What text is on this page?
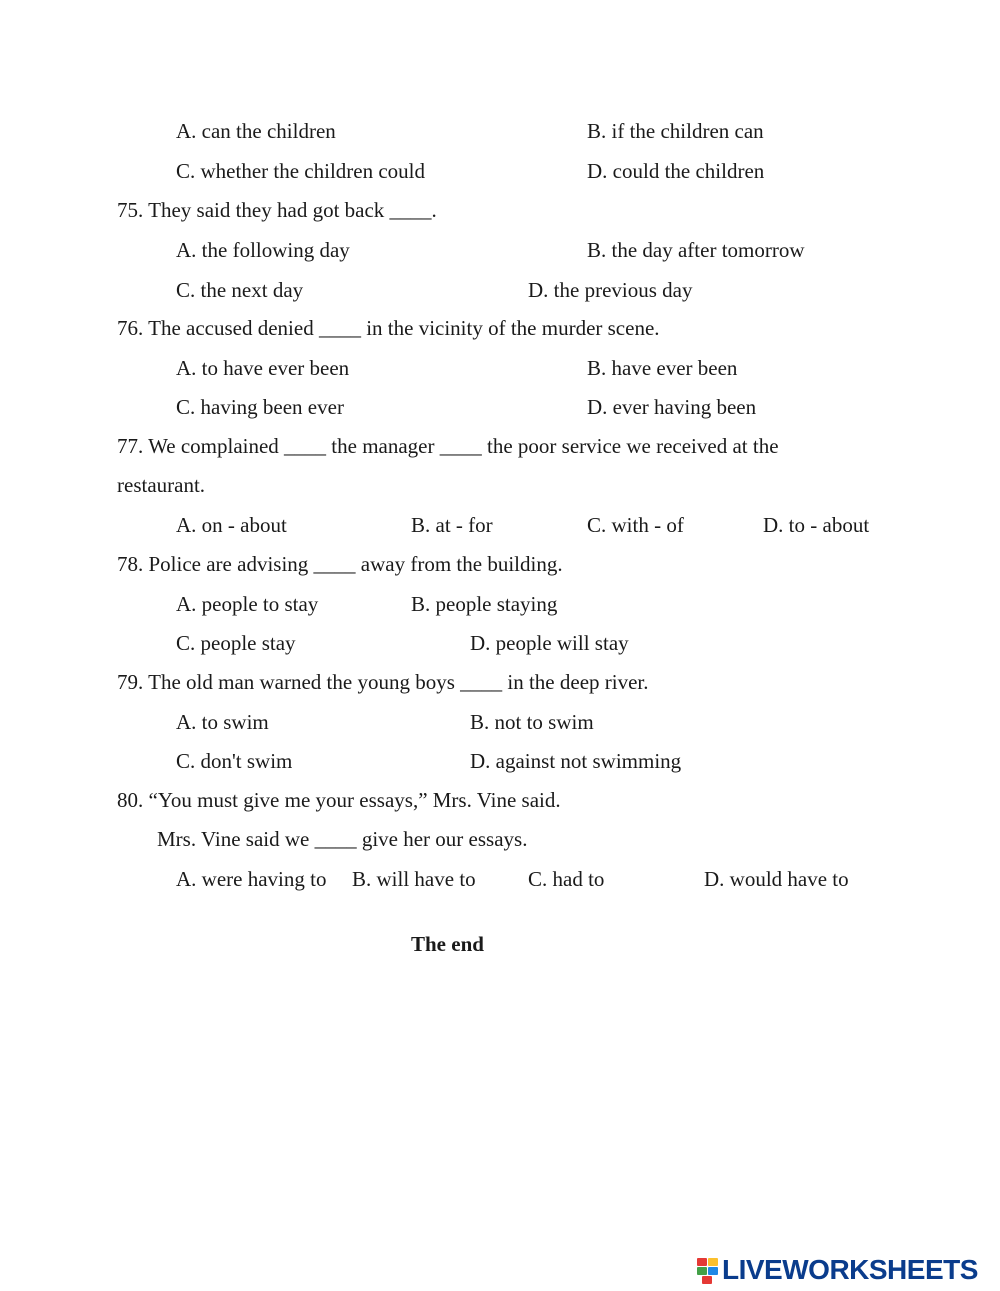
A. can the children	B. if the children can
C. whether the children could	D. could the children
75. They said they had got back ____.
A. the following day	B. the day after tomorrow
C. the next day	D. the previous day
76. The accused denied ____ in the vicinity of the murder scene.
A. to have ever been	B. have ever been
C. having been ever	D. ever having been
77. We complained ____ the manager ____ the poor service we received at the
restaurant.
A. on - about	B. at - for	C. with - of	D. to - about
78. Police are advising ____ away from the building.
A. people to stay	B. people staying
C. people stay	D. people will stay
79. The old man warned the young boys ____ in the deep river.
A. to swim	B. not to swim
C. don't swim	D. against not swimming
80. “You must give me your essays,” Mrs. Vine said.
Mrs. Vine said we ____ give her our essays.
A. were having to B. will have to C. had to	D. would have to
The end
LIVEWORKSHEETS
